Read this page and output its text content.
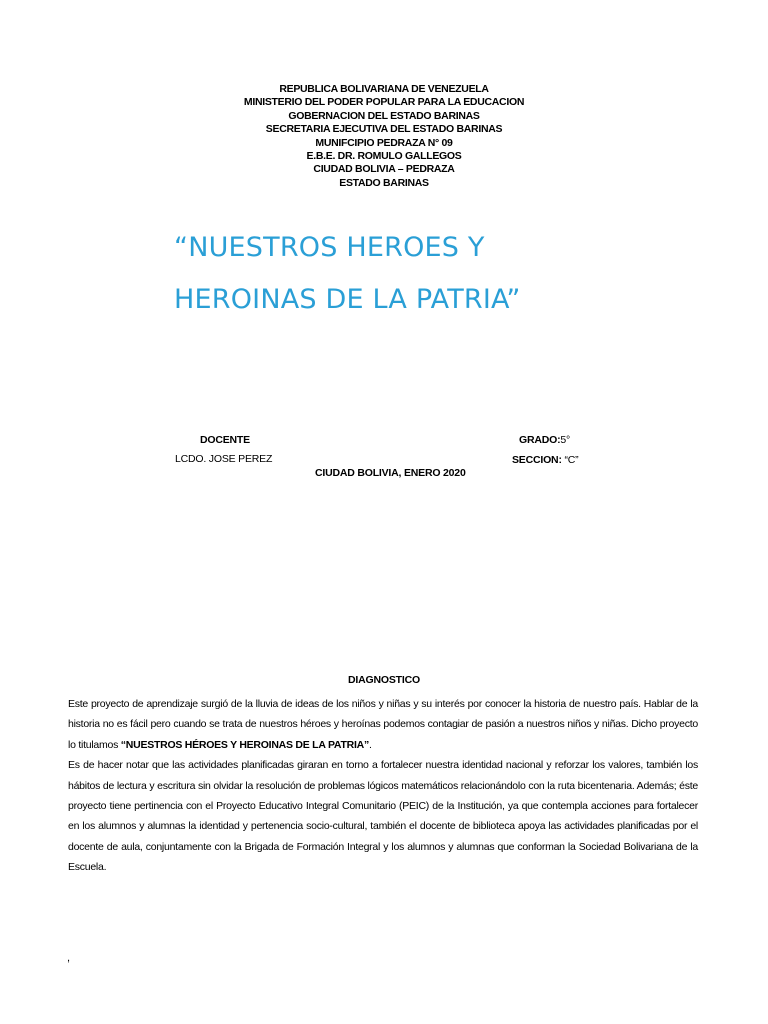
REPUBLICA BOLIVARIANA DE VENEZUELA
MINISTERIO DEL PODER POPULAR PARA LA EDUCACION
GOBERNACION DEL ESTADO BARINAS
SECRETARIA EJECUTIVA DEL ESTADO BARINAS
MUNIFCIPIO PEDRAZA N° 09
E.B.E. DR. ROMULO GALLEGOS
CIUDAD BOLIVIA – PEDRAZA
ESTADO BARINAS
“NUESTROS HEROES Y
HEROINAS DE LA PATRIA”
DOCENTE
LCDO. JOSE PEREZ
GRADO:5°
SECCION: “C”
CIUDAD BOLIVIA, ENERO 2020
DIAGNOSTICO

Este proyecto de aprendizaje surgió de la lluvia de ideas de los niños y niñas y su interés por conocer la historia de nuestro país. Hablar de la historia no es fácil pero cuando se trata de nuestros héroes y heroínas podemos contagiar de pasión a nuestros niños y niñas. Dicho proyecto lo titulamos “NUESTROS HÉROES Y HEROINAS DE LA PATRIA”.

Es de hacer notar que las actividades planificadas giraran en torno a fortalecer nuestra identidad nacional y reforzar los valores, también los hábitos de lectura y escritura sin olvidar la resolución de problemas lógicos matemáticos relacionándolo con la ruta bicentenaria. Además; éste proyecto tiene pertinencia con el Proyecto Educativo Integral Comunitario (PEIC) de la Institución, ya que contempla acciones para fortalecer en los alumnos y alumnas la identidad y pertenencia socio-cultural, también el docente de biblioteca apoya las actividades planificadas por el docente de aula, conjuntamente con la Brigada de Formación Integral y los alumnos y alumnas que conforman la Sociedad Bolivariana de la Escuela.

,
